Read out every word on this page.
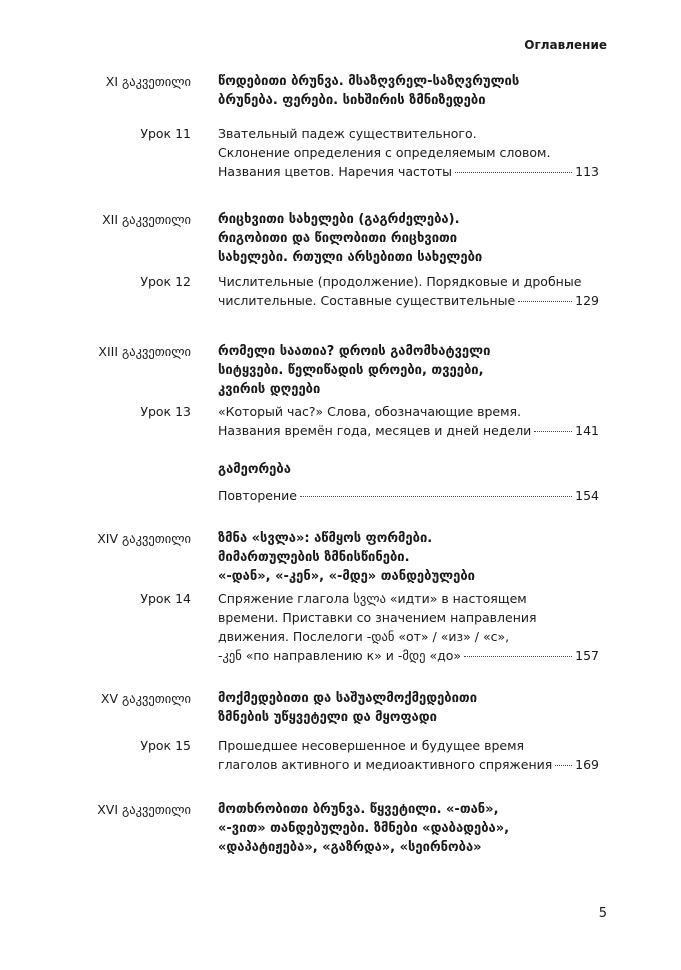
Оглавление
XI გაკვეთილი წოდებითი ბრუნვა. მსაზღვრელ-საზღვრულის
ბრუნება. ფერები. სიხშირის ზმნიზედები
Урок 11 Звательный падеж существительного.
Склонение определения с определяемым словом.
Названия цветов. Наречия частоты	113
XII გაკვეთილი რიცხვითი სახელები (გაგრძელება).
რიგობითი და წილობითი რიცხვითი
სახელები. რთული არსებითი სახელები
Урок 12 Числительные (продолжение). Порядковые и дробные
числительные. Составные существительные	129
XIII გაკვეთილი რომელი საათია? დროის გამომხატველი
სიტყვები. წელიწადის დროები, თვეები,
კვირის დღეები
Урок 13 «Который час?» Слова, обозначающие время.
Названия времён года, месяцев и дней недели	141
გამეორება
Повторение	154
XIV გაკვეთილი ზმნა «სვლა»: აწმყოს ფორმები.
მიმართულების ზმნისწინები.
«-დან», «-კენ», «-მდე» თანდებულები
Урок 14 Спряжение глагола სვლა «идти» в настоящем
времени. Приставки со значением направления
движения. Послелоги -დან «от» / «из» / «с»,
-კენ «по направлению к» и -მდე «до»	157
XV გაკვეთილი მოქმედებითი და საშუალმოქმედებითი
ზმნების უწყვეტელი და მყოფადი
Урок 15 Прошедшее несовершенное и будущее время
глаголов активного и медиоактивного спряжения 169
XVI გაკვეთილი მოთხრობითი ბრუნვა. წყვეტილი. «-თან»,
«-ვით» თანდებულები. ზმნები «დაბადება»,
«დაპატიჟება», «გაზრდა», «სეირნობა»
5
